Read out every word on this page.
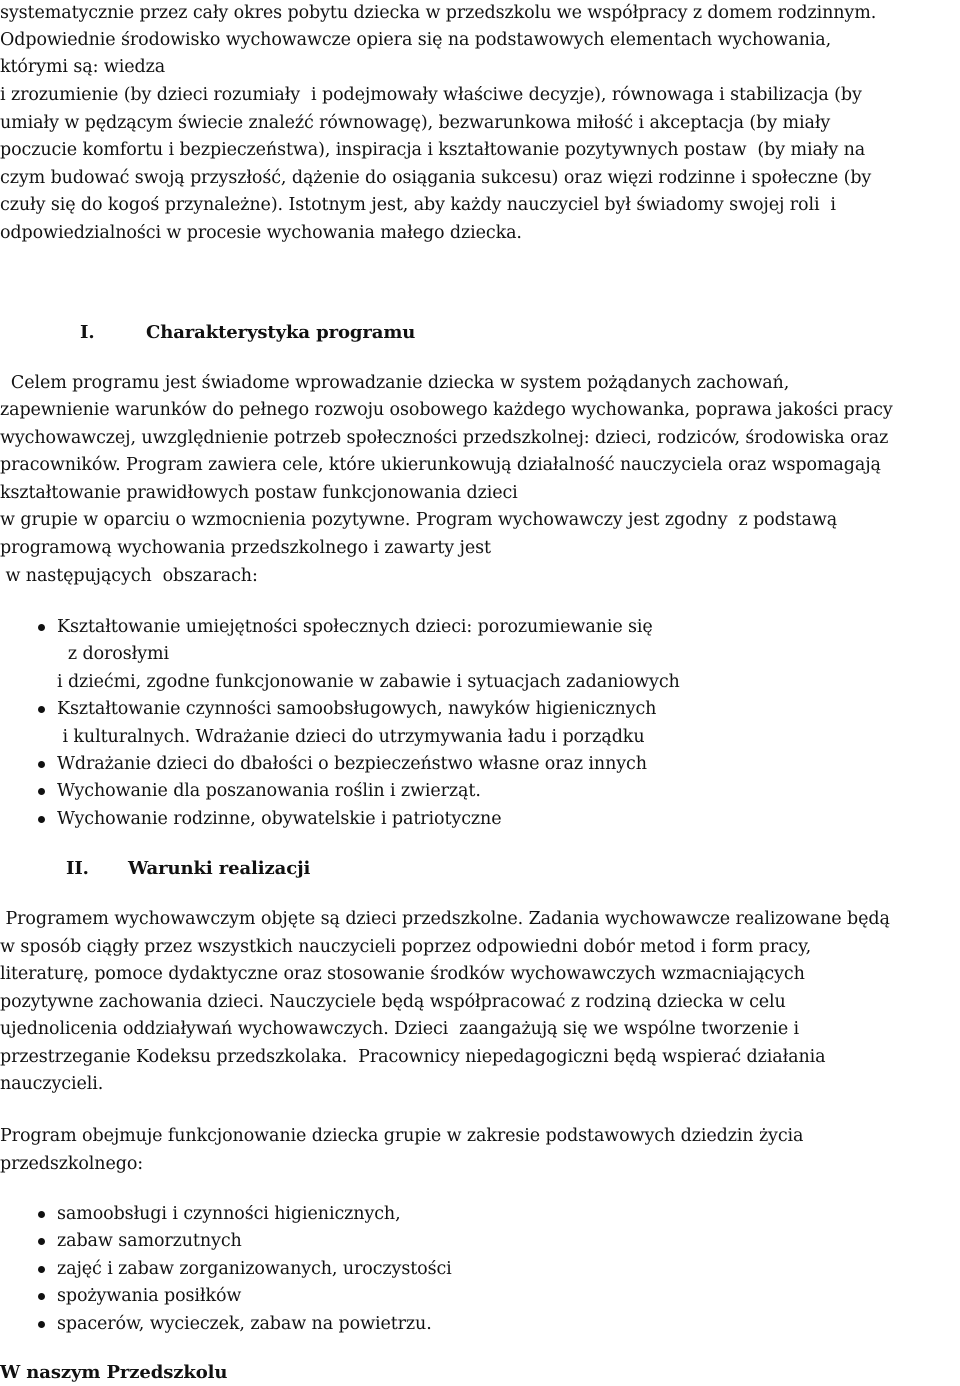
systematycznie przez cały okres pobytu dziecka w przedszkolu we współpracy z domem rodzinnym.
Odpowiednie środowisko wychowawcze opiera się na podstawowych elementach wychowania,
którymi są: wiedza
i zrozumienie (by dzieci rozumiały  i podejmowały właściwe decyzje), równowaga i stabilizacja (by
umiały w pędzącym świecie znaleźć równowagę), bezwarunkowa miłość i akceptacja (by miały
poczucie komfortu i bezpieczeństwa), inspiracja i kształtowanie pozytywnych postaw  (by miały na
czym budować swoją przyszłość, dążenie do osiągania sukcesu) oraz więzi rodzinne i społeczne (by
czuły się do kogoś przynależne). Istotnym jest, aby każdy nauczyciel był świadomy swojej roli  i
odpowiedzialności w procesie wychowania małego dziecka.
I.	Charakterystyka programu
Celem programu jest świadome wprowadzanie dziecka w system pożądanych zachowań,
zapewnienie warunków do pełnego rozwoju osobowego każdego wychowanka, poprawa jakości pracy
wychowawczej, uwzględnienie potrzeb społeczności przedszkolnej: dzieci, rodziców, środowiska oraz
pracowników. Program zawiera cele, które ukierunkowują działalność nauczyciela oraz wspomagają
kształtowanie prawidłowych postaw funkcjonowania dzieci
w grupie w oparciu o wzmocnienia pozytywne. Program wychowawczy jest zgodny  z podstawą
programową wychowania przedszkolnego i zawarty jest
w następujących  obszarach:
Kształtowanie umiejętności społecznych dzieci: porozumiewanie się
z dorosłymi
i dziećmi, zgodne funkcjonowanie w zabawie i sytuacjach zadaniowych
Kształtowanie czynności samoobsługowych, nawyków higienicznych
i kulturalnych. Wdrażanie dzieci do utrzymywania ładu i porządku
Wdrażanie dzieci do dbałości o bezpieczeństwo własne oraz innych
Wychowanie dla poszanowania roślin i zwierząt.
Wychowanie rodzinne, obywatelskie i patriotyczne
II. Warunki realizacji
Programem wychowawczym objęte są dzieci przedszkolne. Zadania wychowawcze realizowane będą
w sposób ciągły przez wszystkich nauczycieli poprzez odpowiedni dobór metod i form pracy,
literaturę, pomoce dydaktyczne oraz stosowanie środków wychowawczych wzmacniających
pozytywne zachowania dzieci. Nauczyciele będą współpracować z rodziną dziecka w celu
ujednolicenia oddziaływań wychowawczych. Dzieci  zaangażują się we wspólne tworzenie i
przestrzeganie Kodeksu przedszkolaka.  Pracownicy niepedagogiczni będą wspierać działania
nauczycieli.
Program obejmuje funkcjonowanie dziecka grupie w zakresie podstawowych dziedzin życia
przedszkolnego:
samoobsługi i czynności higienicznych,
zabaw samorzutnych
zajęć i zabaw zorganizowanych, uroczystości
spożywania posiłków
spacerów, wycieczek, zabaw na powietrzu.
W naszym Przedszkolu
